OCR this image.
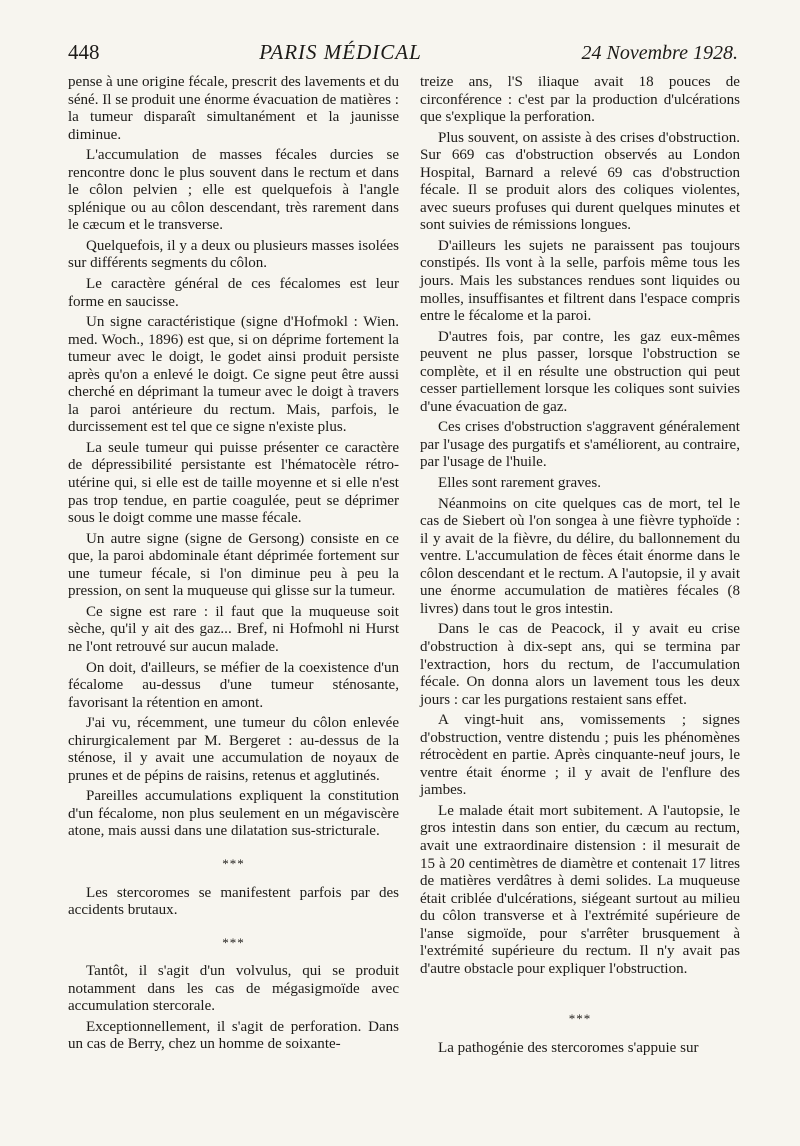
448	PARIS MÉDICAL	24 Novembre 1928.

pense à une origine fécale, prescrit des lavements et du séné. Il se produit une énorme évacuation de matières : la tumeur disparaît simultanément et la jaunisse diminue.

L'accumulation de masses fécales durcies se rencontre donc le plus souvent dans le rectum et dans le côlon pelvien ; elle est quelquefois à l'angle splénique ou au côlon descendant, très rarement dans le cæcum et le transverse.

Quelquefois, il y a deux ou plusieurs masses isolées sur différents segments du côlon.

Le caractère général de ces fécalomes est leur forme en saucisse.

Un signe caractéristique (signe d'Hofmokl : Wien. med. Woch., 1896) est que, si on déprime fortement la tumeur avec le doigt, le godet ainsi produit persiste après qu'on a enlevé le doigt. Ce signe peut être aussi cherché en déprimant la tumeur avec le doigt à travers la paroi antérieure du rectum. Mais, parfois, le durcissement est tel que ce signe n'existe plus.

La seule tumeur qui puisse présenter ce caractère de dépressibilité persistante est l'hématocèle rétro-utérine qui, si elle est de taille moyenne et si elle n'est pas trop tendue, en partie coagulée, peut se déprimer sous le doigt comme une masse fécale.

Un autre signe (signe de Gersong) consiste en ce que, la paroi abdominale étant déprimée fortement sur une tumeur fécale, si l'on diminue peu à peu la pression, on sent la muqueuse qui glisse sur la tumeur.

Ce signe est rare : il faut que la muqueuse soit sèche, qu'il y ait des gaz... Bref, ni Hofmohl ni Hurst ne l'ont retrouvé sur aucun malade.

On doit, d'ailleurs, se méfier de la coexistence d'un fécalome au-dessus d'une tumeur sténosante, favorisant la rétention en amont.

J'ai vu, récemment, une tumeur du côlon enlevée chirurgicalement par M. Bergeret : au-dessus de la sténose, il y avait une accumulation de noyaux de prunes et de pépins de raisins, retenus et agglutinés.

Pareilles accumulations expliquent la constitution d'un fécalome, non plus seulement en un mégaviscère atone, mais aussi dans une dilatation sus-stricturale.

***

Les stercoromes se manifestent parfois par des accidents brutaux.

***

Tantôt, il s'agit d'un volvulus, qui se produit notamment dans les cas de mégasigmoïde avec accumulation stercorale.

Exceptionnellement, il s'agit de perforation. Dans un cas de Berry, chez un homme de soixante-

treize ans, l'S iliaque avait 18 pouces de circonférence : c'est par la production d'ulcérations que s'explique la perforation.

Plus souvent, on assiste à des crises d'obstruction. Sur 669 cas d'obstruction observés au London Hospital, Barnard a relevé 69 cas d'obstruction fécale. Il se produit alors des coliques violentes, avec sueurs profuses qui durent quelques minutes et sont suivies de rémissions longues.

D'ailleurs les sujets ne paraissent pas toujours constipés. Ils vont à la selle, parfois même tous les jours. Mais les substances rendues sont liquides ou molles, insuffisantes et filtrent dans l'espace compris entre le fécalome et la paroi.

D'autres fois, par contre, les gaz eux-mêmes peuvent ne plus passer, lorsque l'obstruction se complète, et il en résulte une obstruction qui peut cesser partiellement lorsque les coliques sont suivies d'une évacuation de gaz.

Ces crises d'obstruction s'aggravent généralement par l'usage des purgatifs et s'améliorent, au contraire, par l'usage de l'huile.

Elles sont rarement graves.

Néanmoins on cite quelques cas de mort, tel le cas de Siebert où l'on songea à une fièvre typhoïde : il y avait de la fièvre, du délire, du ballonnement du ventre. L'accumulation de fèces était énorme dans le côlon descendant et le rectum. A l'autopsie, il y avait une énorme accumulation de matières fécales (8 livres) dans tout le gros intestin.

Dans le cas de Peacock, il y avait eu crise d'obstruction à dix-sept ans, qui se termina par l'extraction, hors du rectum, de l'accumulation fécale. On donna alors un lavement tous les deux jours : car les purgations restaient sans effet.

A vingt-huit ans, vomissements ; signes d'obstruction, ventre distendu ; puis les phénomènes rétrocèdent en partie. Après cinquante-neuf jours, le ventre était énorme ; il y avait de l'enflure des jambes.

Le malade était mort subitement. A l'autopsie, le gros intestin dans son entier, du cæcum au rectum, avait une extraordinaire distension : il mesurait de 15 à 20 centimètres de diamètre et contenait 17 litres de matières verdâtres à demi solides. La muqueuse était criblée d'ulcérations, siégeant surtout au milieu du côlon transverse et à l'extrémité supérieure de l'anse sigmoïde, pour s'arrêter brusquement à l'extrémité supérieure du rectum. Il n'y avait pas d'autre obstacle pour expliquer l'obstruction.

***

La pathogénie des stercoromes s'appuie sur
